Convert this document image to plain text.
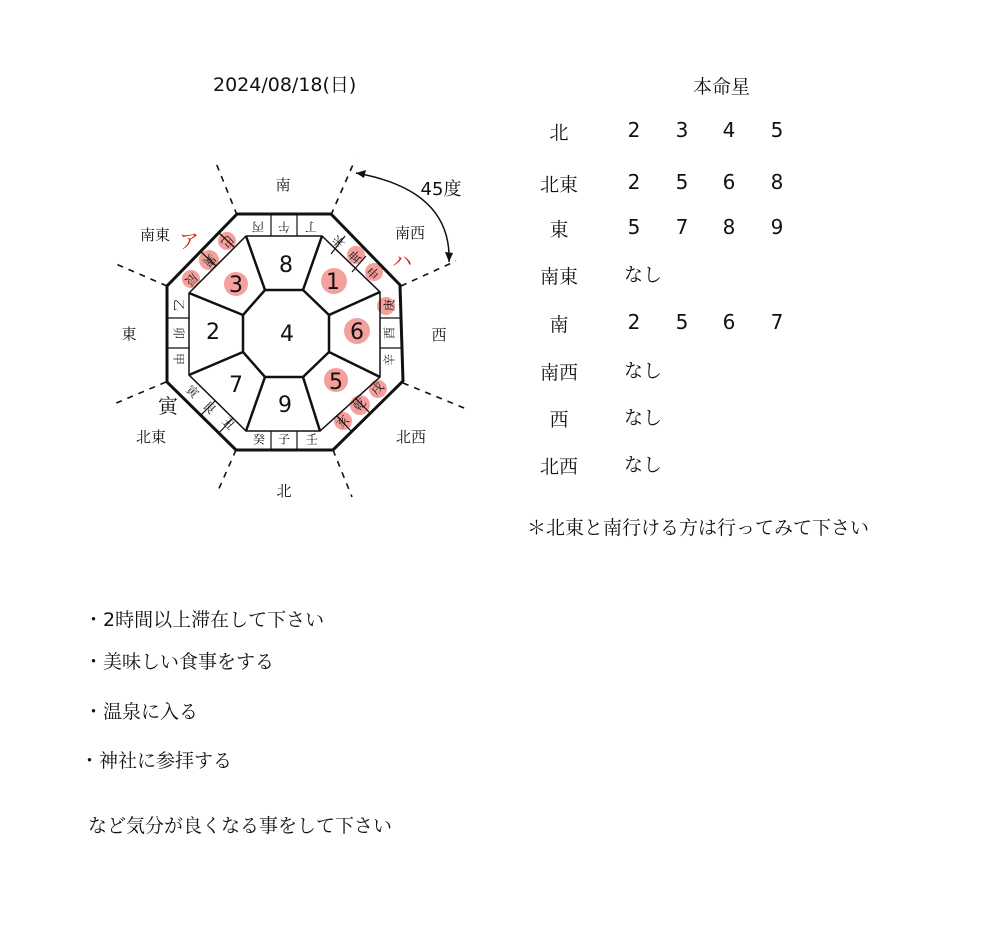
2024/08/18(日)
南
南西
西
北西
北
北東
東
南東
45度
ア
ハ
寅
4
8
1
6
5
9
7
2
3
丙 午 丁
未
坤
申
庚
酉
辛
戌
乾
亥
壬
子
癸
丑
艮
寅
甲
卯
乙
辰
巽
巳
本命星
北	2	3	4	5
北東	2	5	6	8
東	5	7	8	9
南東	なし
南	2	5	6	7
南西	なし
西	なし
北西	なし
＊北東と南行ける方は行ってみて下さい
・2時間以上滞在して下さい
・美味しい食事をする
・温泉に入る
・神社に参拝する
など気分が良くなる事をして下さい
